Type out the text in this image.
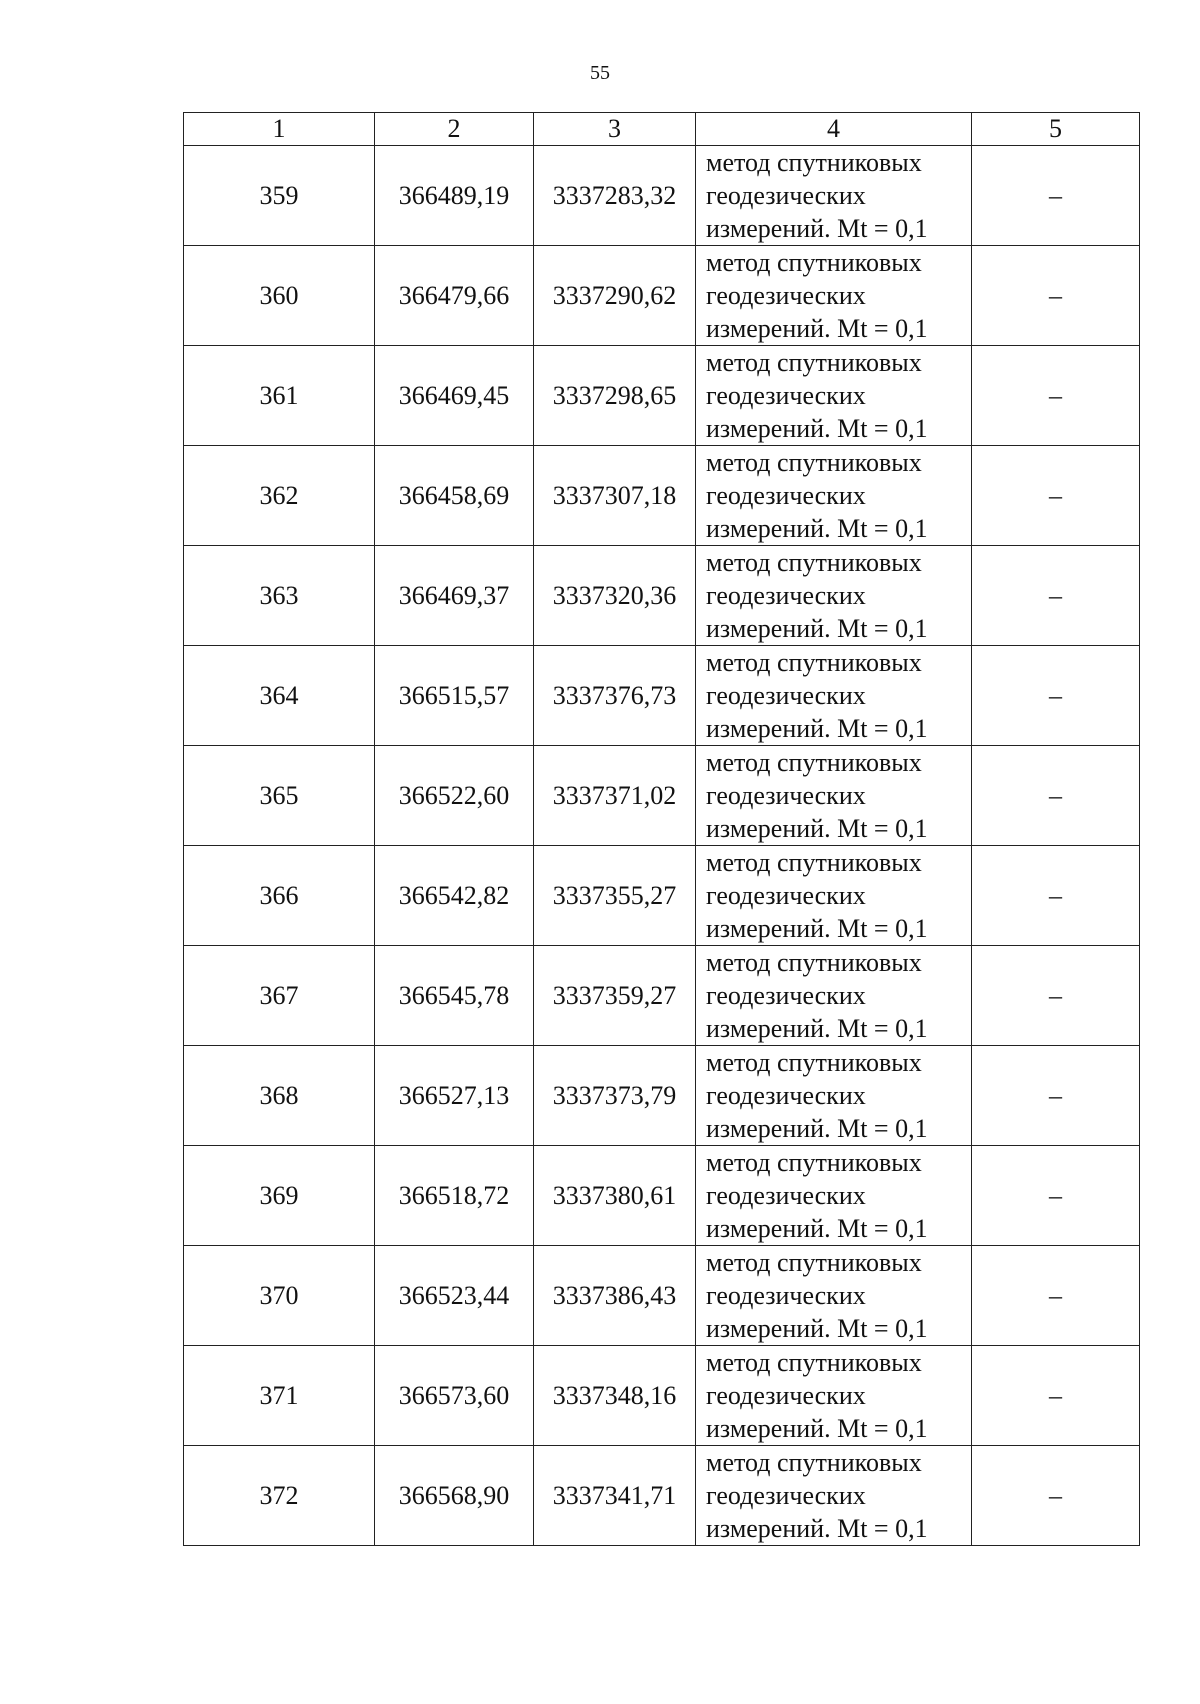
55
1	2	3	4	5
359	366489,19	3337283,32	метод спутниковых
геодезических
измерений. Mt = 0,1	–
360	366479,66	3337290,62	метод спутниковых
геодезических
измерений. Mt = 0,1	–
361	366469,45	3337298,65	метод спутниковых
геодезических
измерений. Mt = 0,1	–
362	366458,69	3337307,18	метод спутниковых
геодезических
измерений. Mt = 0,1	–
363	366469,37	3337320,36	метод спутниковых
геодезических
измерений. Mt = 0,1	–
364	366515,57	3337376,73	метод спутниковых
геодезических
измерений. Mt = 0,1	–
365	366522,60	3337371,02	метод спутниковых
геодезических
измерений. Mt = 0,1	–
366	366542,82	3337355,27	метод спутниковых
геодезических
измерений. Mt = 0,1	–
367	366545,78	3337359,27	метод спутниковых
геодезических
измерений. Mt = 0,1	–
368	366527,13	3337373,79	метод спутниковых
геодезических
измерений. Mt = 0,1	–
369	366518,72	3337380,61	метод спутниковых
геодезических
измерений. Mt = 0,1	–
370	366523,44	3337386,43	метод спутниковых
геодезических
измерений. Mt = 0,1	–
371	366573,60	3337348,16	метод спутниковых
геодезических
измерений. Mt = 0,1	–
372	366568,90	3337341,71	метод спутниковых
геодезических
измерений. Mt = 0,1	–
